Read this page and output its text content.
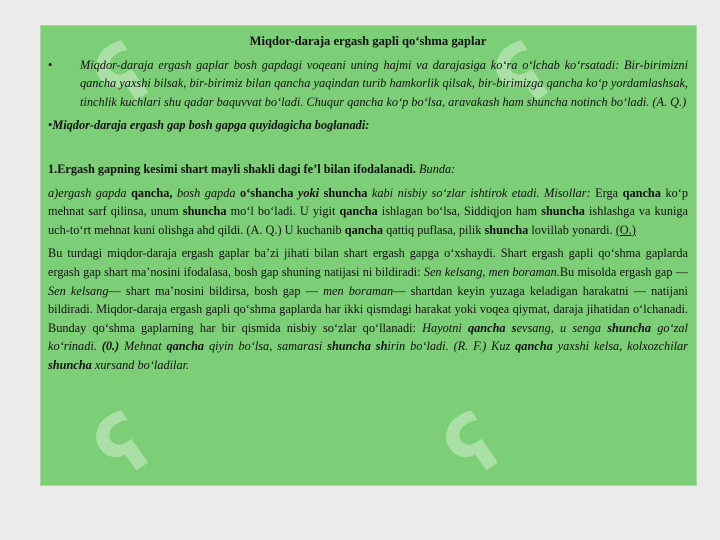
ʕ	ʕ
ʕ	ʕ
Miqdor-daraja ergash gapli qo‘shma gaplar
•	Miqdor-daraja ergash gaplar bosh gapdagi voqeani uning hajmi va darajasiga ko‘ra o‘lchab ko‘rsatadi: Bir-birimizni qancha yaxshi bilsak, bir-birimiz bilan qancha yaqindan turib hamkorlik qilsak, bir-birimizga qancha ko‘p yordamlashsak, tinchlik kuchlari shu qadar baquvvat bo‘ladi. Chuqur qancha ko‘p bo‘lsa, aravakash ham shuncha notinch bo‘ladi. (A. Q.)
•Miqdor-daraja ergash gap bosh gapga quyidagicha boglanadi:
1.Ergash gapning kesimi shart mayli shakli dagi fe’l bilan ifodalanadi. Bunda:
a)ergash gapda qancha, bosh gapda o‘shancha yoki shuncha kabi nisbiy so‘zlar ishtirok etadi. Misollar: Erga qancha ko‘p mehnat sarf qilinsa, unum shuncha mo‘l bo‘ladi. U yigit qancha ishlagan bo‘lsa, Siddiqjon ham shuncha ishlashga va kuniga uch-to‘rt mehnat kuni olishga ahd qildi. (A. Q.) U kuchanib qancha qattiq puflasa, pilik shuncha lovillab yonardi. (O.)
Bu turdagi miqdor-daraja ergash gaplar ba’zi jihati bilan shart ergash gapga o‘xshaydi. Shart ergash gapli qo‘shma gaplarda ergash gap shart ma’nosini ifodalasa, bosh gap shuning natijasi ni bildiradi: Sen kelsang, men boraman.Bu misolda ergash gap — Sen kelsang— shart ma’nosini bildirsa, bosh gap — men boraman— shartdan keyin yuzaga keladigan harakatni — natijani bildiradi. Miqdor-daraja ergash gapli qo‘shma gaplarda har ikki qismdagi harakat yoki voqea qiymat, daraja jihatidan o‘lchanadi. Bunday qo‘shma gaplarning har bir qismida nisbiy so‘zlar qo‘llanadi: Hayotni qancha sevsang, u senga shuncha go‘zal ko‘rinadi. (0.) Mehnat qancha qiyin bo‘lsa, samarasi shuncha shirin bo‘ladi. (R. F.) Kuz qancha yaxshi kelsa, kolxozchilar shuncha xursand bo‘ladilar.
